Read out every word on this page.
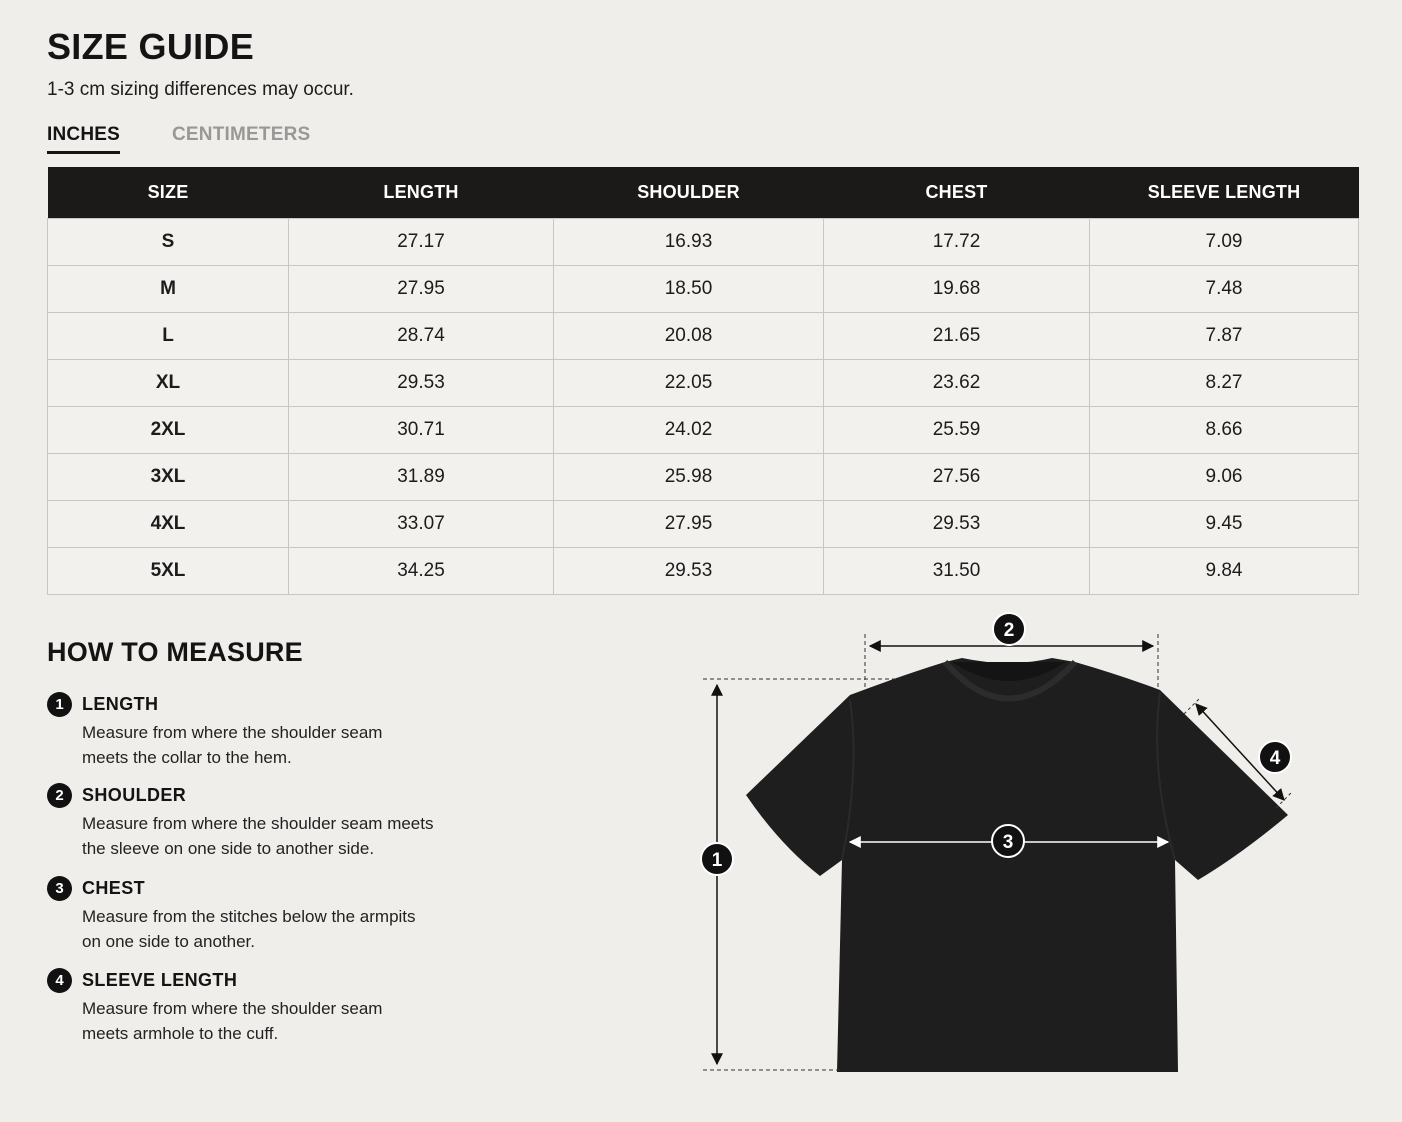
SIZE GUIDE
1-3 cm sizing differences may occur.
INCHES	CENTIMETERS
SIZE	LENGTH	SHOULDER	CHEST	SLEEVE LENGTH
S	27.17	16.93	17.72	7.09
M	27.95	18.50	19.68	7.48
L	28.74	20.08	21.65	7.87
XL	29.53	22.05	23.62	8.27
2XL	30.71	24.02	25.59	8.66
3XL	31.89	25.98	27.56	9.06
4XL	33.07	27.95	29.53	9.45
5XL	34.25	29.53	31.50	9.84
HOW TO MEASURE
1	LENGTH
Measure from where the shoulder seam
meets the collar to the hem.
2	SHOULDER
Measure from where the shoulder seam meets
the sleeve on one side to another side.
3	CHEST
Measure from the stitches below the armpits
on one side to another.
4	SLEEVE LENGTH
Measure from where the shoulder seam
meets armhole to the cuff.
1
2
3
4
